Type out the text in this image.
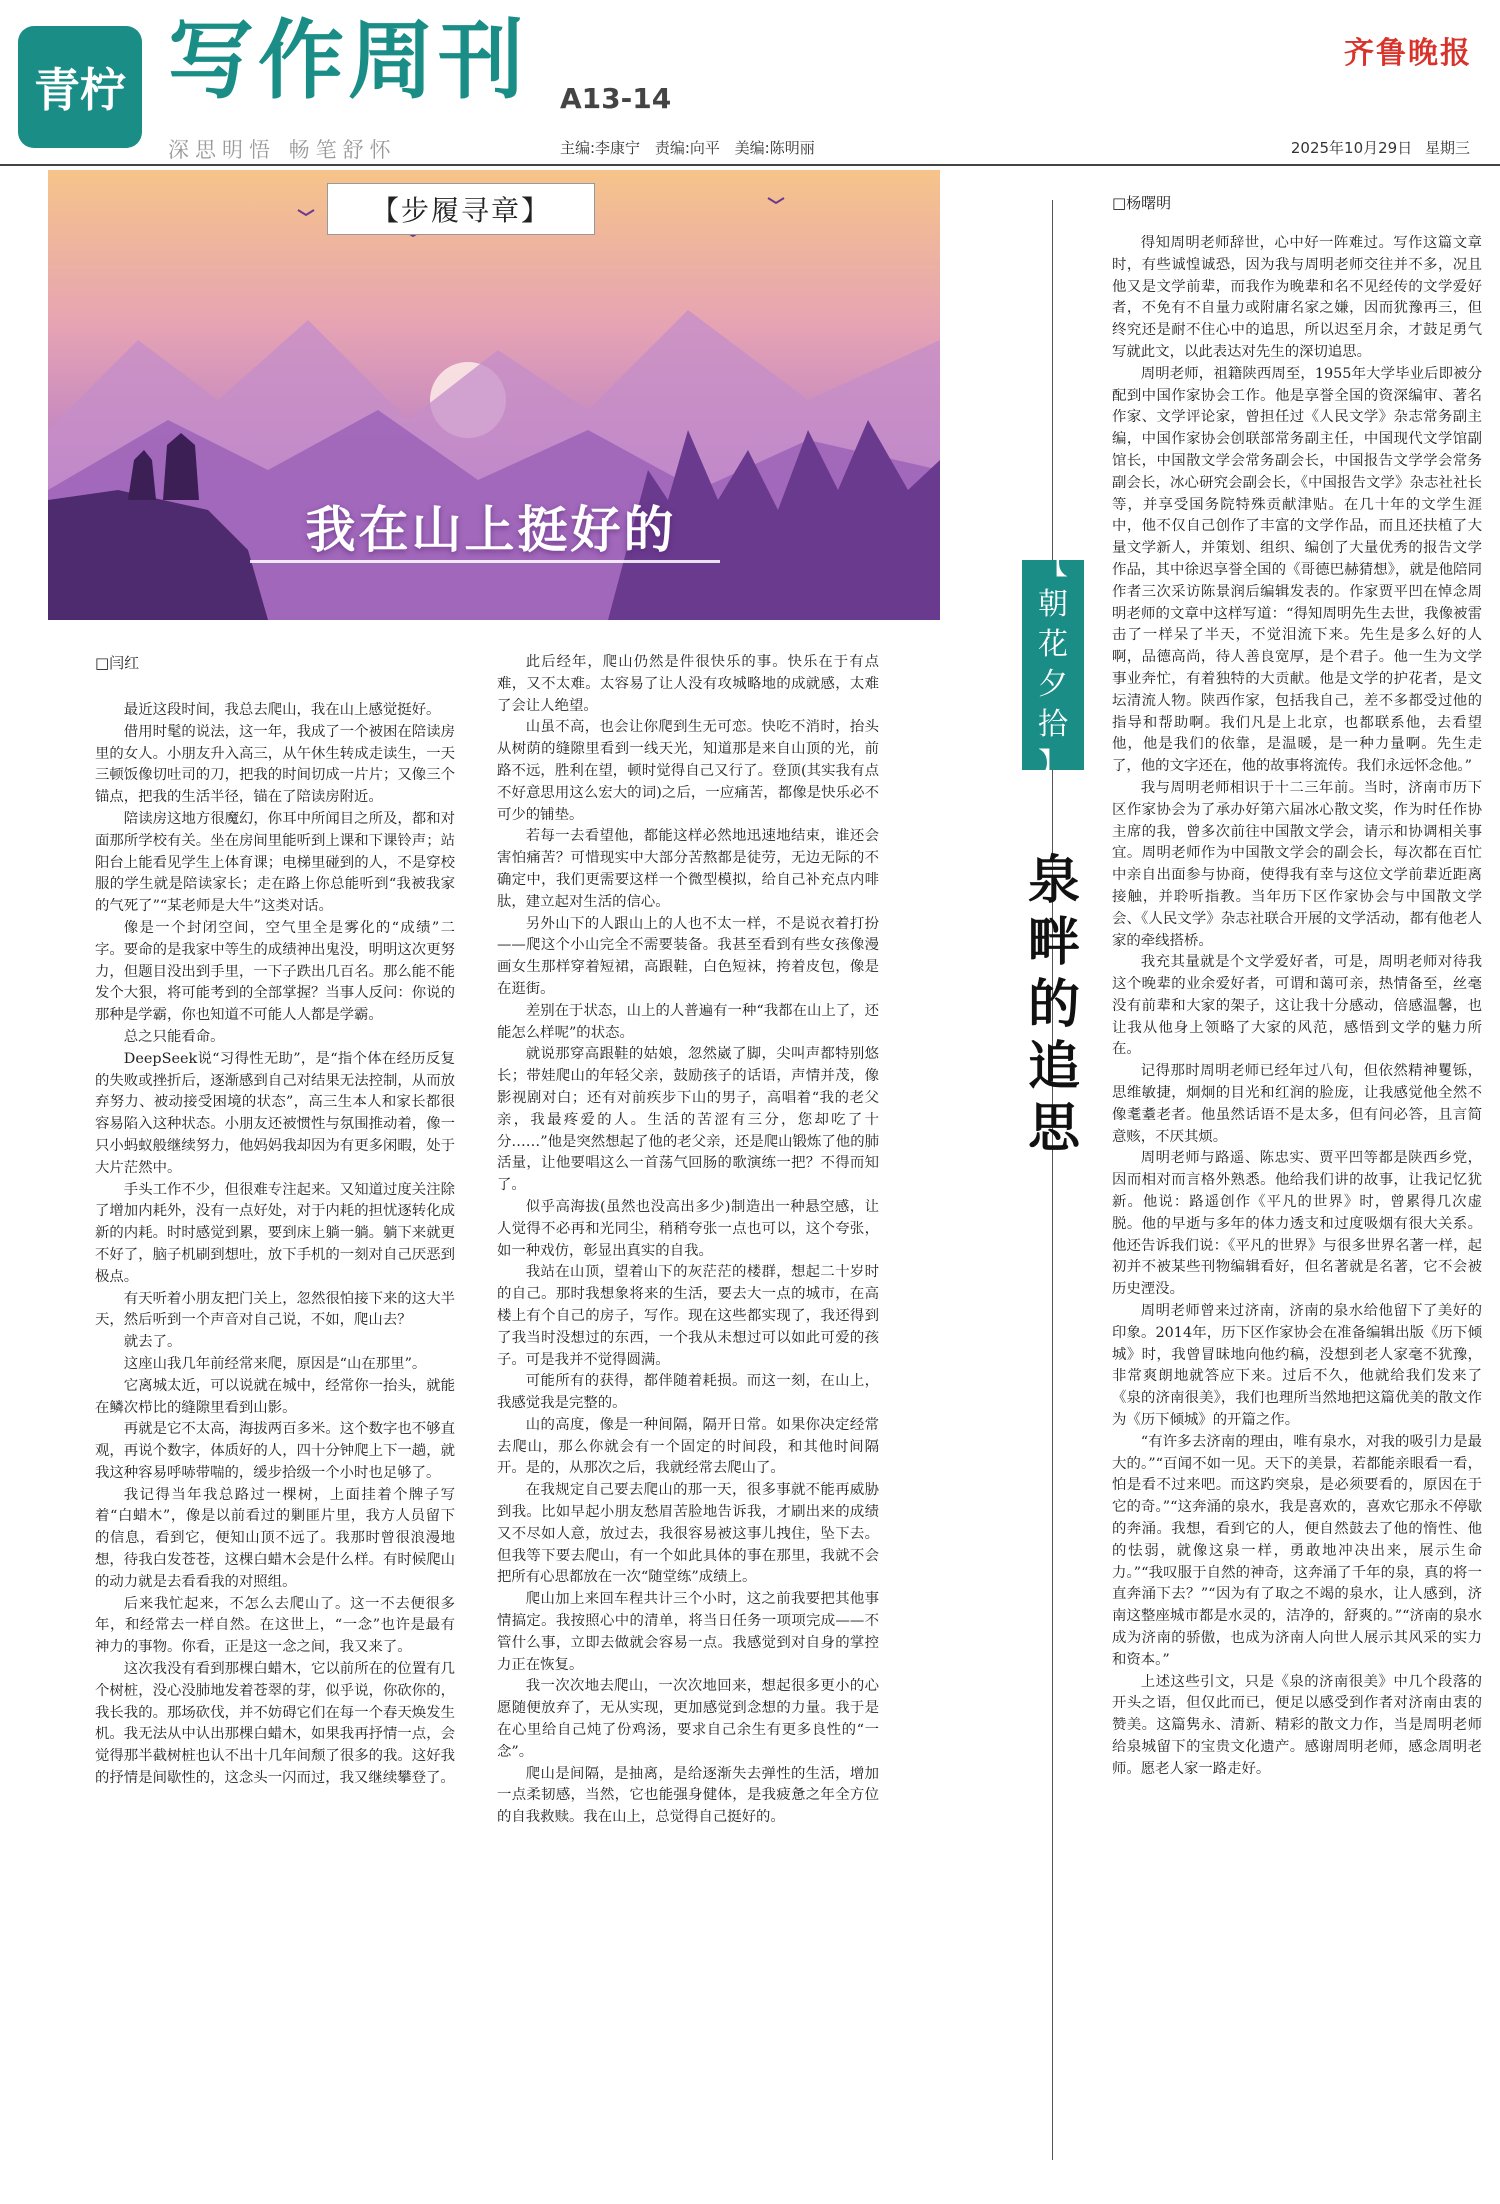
青柠 写作周刊 A13-14
齐鲁晚报
深思明悟 畅笔舒怀	主编:李康宁 责编:向平 美编:陈明丽	2025年10月29日 星期三
【步履寻章】
我在山上挺好的
□闫红

最近这段时间，我总去爬山，我在山上感觉挺好。

借用时髦的说法，这一年，我成了一个被困在陪读房里的女人。小朋友升入高三，从午休生转成走读生，一天三顿饭像切吐司的刀，把我的时间切成一片片；又像三个锚点，把我的生活半径，锚在了陪读房附近。

陪读房这地方很魔幻，你耳中所闻目之所及，都和对面那所学校有关。坐在房间里能听到上课和下课铃声；站阳台上能看见学生上体育课；电梯里碰到的人，不是穿校服的学生就是陪读家长；走在路上你总能听到“我被我家的气死了”“某老师是大牛”这类对话。

像是一个封闭空间，空气里全是雾化的“成绩”二字。要命的是我家中等生的成绩神出鬼没，明明这次更努力，但题目没出到手里，一下子跌出几百名。那么能不能发个大狠，将可能考到的全部掌握？当事人反问：你说的那种是学霸，你也知道不可能人人都是学霸。

总之只能看命。

DeepSeek说“习得性无助”，是“指个体在经历反复的失败或挫折后，逐渐感到自己对结果无法控制，从而放弃努力、被动接受困境的状态”，高三生本人和家长都很容易陷入这种状态。小朋友还被惯性与氛围推动着，像一只小蚂蚁般继续努力，他妈妈我却因为有更多闲暇，处于大片茫然中。

手头工作不少，但很难专注起来。又知道过度关注除了增加内耗外，没有一点好处，对于内耗的担忧逐转化成新的内耗。时时感觉到累，要到床上躺一躺。躺下来就更不好了，脑子机刷到想吐，放下手机的一刻对自己厌恶到极点。

有天听着小朋友把门关上，忽然很怕接下来的这大半天，然后听到一个声音对自己说，不如，爬山去？

就去了。

这座山我几年前经常来爬，原因是“山在那里”。

它离城太近，可以说就在城中，经常你一抬头，就能在鳞次栉比的缝隙里看到山影。

再就是它不太高，海拔两百多米。这个数字也不够直观，再说个数字，体质好的人，四十分钟爬上下一趟，就我这种容易呼哧带喘的，缓步拾级一个小时也足够了。

我记得当年我总路过一棵树，上面挂着个牌子写着“白蜡木”，像是以前看过的剿匪片里，我方人员留下的信息，看到它，便知山顶不远了。我那时曾很浪漫地想，待我白发苍苍，这棵白蜡木会是什么样。有时候爬山的动力就是去看看我的对照组。

后来我忙起来，不怎么去爬山了。这一不去便很多年，和经常去一样自然。在这世上，“一念”也许是最有神力的事物。你看，正是这一念之间，我又来了。

这次我没有看到那棵白蜡木，它以前所在的位置有几个树桩，没心没肺地发着苍翠的芽，似乎说，你砍你的，我长我的。那场砍伐，并不妨碍它们在每一个春天焕发生机。我无法从中认出那棵白蜡木，如果我再抒情一点，会觉得那半截树桩也认不出十几年间颓了很多的我。这好我的抒情是间歇性的，这念头一闪而过，我又继续攀登了。

此后经年，爬山仍然是件很快乐的事。快乐在于有点难，又不太难。太容易了让人没有攻城略地的成就感，太难了会让人绝望。

山虽不高，也会让你爬到生无可恋。快吃不消时，抬头从树荫的缝隙里看到一线天光，知道那是来自山顶的光，前路不远，胜利在望，顿时觉得自己又行了。登顶(其实我有点不好意思用这么宏大的词)之后，一应痛苦，都像是快乐必不可少的铺垫。

若每一去看望他，都能这样必然地迅速地结束，谁还会害怕痛苦？可惜现实中大部分苦熬都是徒劳，无边无际的不确定中，我们更需要这样一个微型模拟，给自己补充点内啡肽，建立起对生活的信心。

另外山下的人跟山上的人也不太一样，不是说衣着打扮——爬这个小山完全不需要装备。我甚至看到有些女孩像漫画女生那样穿着短裙，高跟鞋，白色短袜，挎着皮包，像是在逛街。

差别在于状态，山上的人普遍有一种“我都在山上了，还能怎么样呢”的状态。

就说那穿高跟鞋的姑娘，忽然崴了脚，尖叫声都特别悠长；带娃爬山的年轻父亲，鼓励孩子的话语，声情并茂，像影视剧对白；还有对前疾步下山的男子，高唱着“我的老父亲，我最疼爱的人。生活的苦涩有三分，您却吃了十分……”他是突然想起了他的老父亲，还是爬山锻炼了他的肺活量，让他要唱这么一首荡气回肠的歌演练一把？不得而知了。

似乎高海拔(虽然也没高出多少)制造出一种悬空感，让人觉得不必再和光同尘，稍稍夸张一点也可以，这个夸张，如一种戏仿，彰显出真实的自我。

我站在山顶，望着山下的灰茫茫的楼群，想起二十岁时的自己。那时我想象将来的生活，要去大一点的城市，在高楼上有个自己的房子，写作。现在这些都实现了，我还得到了我当时没想过的东西，一个我从未想过可以如此可爱的孩子。可是我并不觉得圆满。

可能所有的获得，都伴随着耗损。而这一刻，在山上，我感觉我是完整的。

山的高度，像是一种间隔，隔开日常。如果你决定经常去爬山，那么你就会有一个固定的时间段，和其他时间隔开。是的，从那次之后，我就经常去爬山了。

在我规定自己要去爬山的那一天，很多事就不能再威胁到我。比如早起小朋友愁眉苦脸地告诉我，才刷出来的成绩又不尽如人意，放过去，我很容易被这事儿拽住，坠下去。但我等下要去爬山，有一个如此具体的事在那里，我就不会把所有心思都放在一次“随堂练”成绩上。

爬山加上来回车程共计三个小时，这之前我要把其他事情搞定。我按照心中的清单，将当日任务一项项完成——不管什么事，立即去做就会容易一点。我感觉到对自身的掌控力正在恢复。

我一次次地去爬山，一次次地回来，想起很多更小的心愿随便放弃了，无从实现，更加感觉到念想的力量。我于是在心里给自己炖了份鸡汤，要求自己余生有更多良性的“一念”。

爬山是间隔，是抽离，是给逐渐失去弹性的生活，增加一点柔韧感，当然，它也能强身健体，是我疲惫之年全方位的自我救赎。我在山上，总觉得自己挺好的。

【
朝
花
夕
拾
】
泉
畔
的
追
思
□杨曙明

得知周明老师辞世，心中好一阵难过。写作这篇文章时，有些诚惶诚恐，因为我与周明老师交往并不多，况且他又是文学前辈，而我作为晚辈和名不见经传的文学爱好者，不免有不自量力或附庸名家之嫌，因而犹豫再三，但终究还是耐不住心中的追思，所以迟至月余，才鼓足勇气写就此文，以此表达对先生的深切追思。

周明老师，祖籍陕西周至，1955年大学毕业后即被分配到中国作家协会工作。他是享誉全国的资深编审、著名作家、文学评论家，曾担任过《人民文学》杂志常务副主编，中国作家协会创联部常务副主任，中国现代文学馆副馆长，中国散文学会常务副会长，中国报告文学学会常务副会长，冰心研究会副会长，《中国报告文学》杂志社社长等，并享受国务院特殊贡献津贴。在几十年的文学生涯中，他不仅自己创作了丰富的文学作品，而且还扶植了大量文学新人，并策划、组织、编创了大量优秀的报告文学作品，其中徐迟享誉全国的《哥德巴赫猜想》，就是他陪同作者三次采访陈景润后编辑发表的。作家贾平凹在悼念周明老师的文章中这样写道：“得知周明先生去世，我像被雷击了一样呆了半天，不觉泪流下来。先生是多么好的人啊，品德高尚，待人善良宽厚，是个君子。他一生为文学事业奔忙，有着独特的大贡献。他是文学的护花者，是文坛清流人物。陕西作家，包括我自己，差不多都受过他的指导和帮助啊。我们凡是上北京，也都联系他，去看望他，他是我们的依靠，是温暖，是一种力量啊。先生走了，他的文字还在，他的故事将流传。我们永远怀念他。”

我与周明老师相识于十二三年前。当时，济南市历下区作家协会为了承办好第六届冰心散文奖，作为时任作协主席的我，曾多次前往中国散文学会，请示和协调相关事宜。周明老师作为中国散文学会的副会长，每次都在百忙中亲自出面参与协商，使得我有幸与这位文学前辈近距离接触，并聆听指教。当年历下区作家协会与中国散文学会、《人民文学》杂志社联合开展的文学活动，都有他老人家的牵线搭桥。

我充其量就是个文学爱好者，可是，周明老师对待我这个晚辈的业余爱好者，可谓和蔼可亲，热情备至，丝毫没有前辈和大家的架子，这让我十分感动，倍感温馨，也让我从他身上领略了大家的风范，感悟到文学的魅力所在。

记得那时周明老师已经年过八旬，但依然精神矍铄，思维敏捷，炯炯的目光和红润的脸庞，让我感觉他全然不像耄耋老者。他虽然话语不是太多，但有问必答，且言简意赅，不厌其烦。

周明老师与路遥、陈忠实、贾平凹等都是陕西乡党，因而相对而言格外熟悉。他给我们讲的故事，让我记忆犹新。他说：路遥创作《平凡的世界》时，曾累得几次虚脱。他的早逝与多年的体力透支和过度吸烟有很大关系。他还告诉我们说：《平凡的世界》与很多世界名著一样，起初并不被某些刊物编辑看好，但名著就是名著，它不会被历史湮没。

周明老师曾来过济南，济南的泉水给他留下了美好的印象。2014年，历下区作家协会在准备编辑出版《历下倾城》时，我曾冒昧地向他约稿，没想到老人家毫不犹豫，非常爽朗地就答应下来。过后不久，他就给我们发来了《泉的济南很美》，我们也理所当然地把这篇优美的散文作为《历下倾城》的开篇之作。

“有许多去济南的理由，唯有泉水，对我的吸引力是最大的。”“百闻不如一见。天下的美景，若都能亲眼看一看，怕是看不过来吧。而这趵突泉，是必须要看的，原因在于它的奇。”“这奔涌的泉水，我是喜欢的，喜欢它那永不停歇的奔涌。我想，看到它的人，便自然鼓去了他的惰性、他的怯弱，就像这泉一样，勇敢地冲决出来，展示生命力。”“我叹服于自然的神奇，这奔涌了千年的泉，真的将一直奔涌下去？”“因为有了取之不竭的泉水，让人感到，济南这整座城市都是水灵的，洁净的，舒爽的。”“济南的泉水成为济南的骄傲，也成为济南人向世人展示其风采的实力和资本。”

上述这些引文，只是《泉的济南很美》中几个段落的开头之语，但仅此而已，便足以感受到作者对济南由衷的赞美。这篇隽永、清新、精彩的散文力作，当是周明老师给泉城留下的宝贵文化遗产。感谢周明老师，感念周明老师。愿老人家一路走好。
